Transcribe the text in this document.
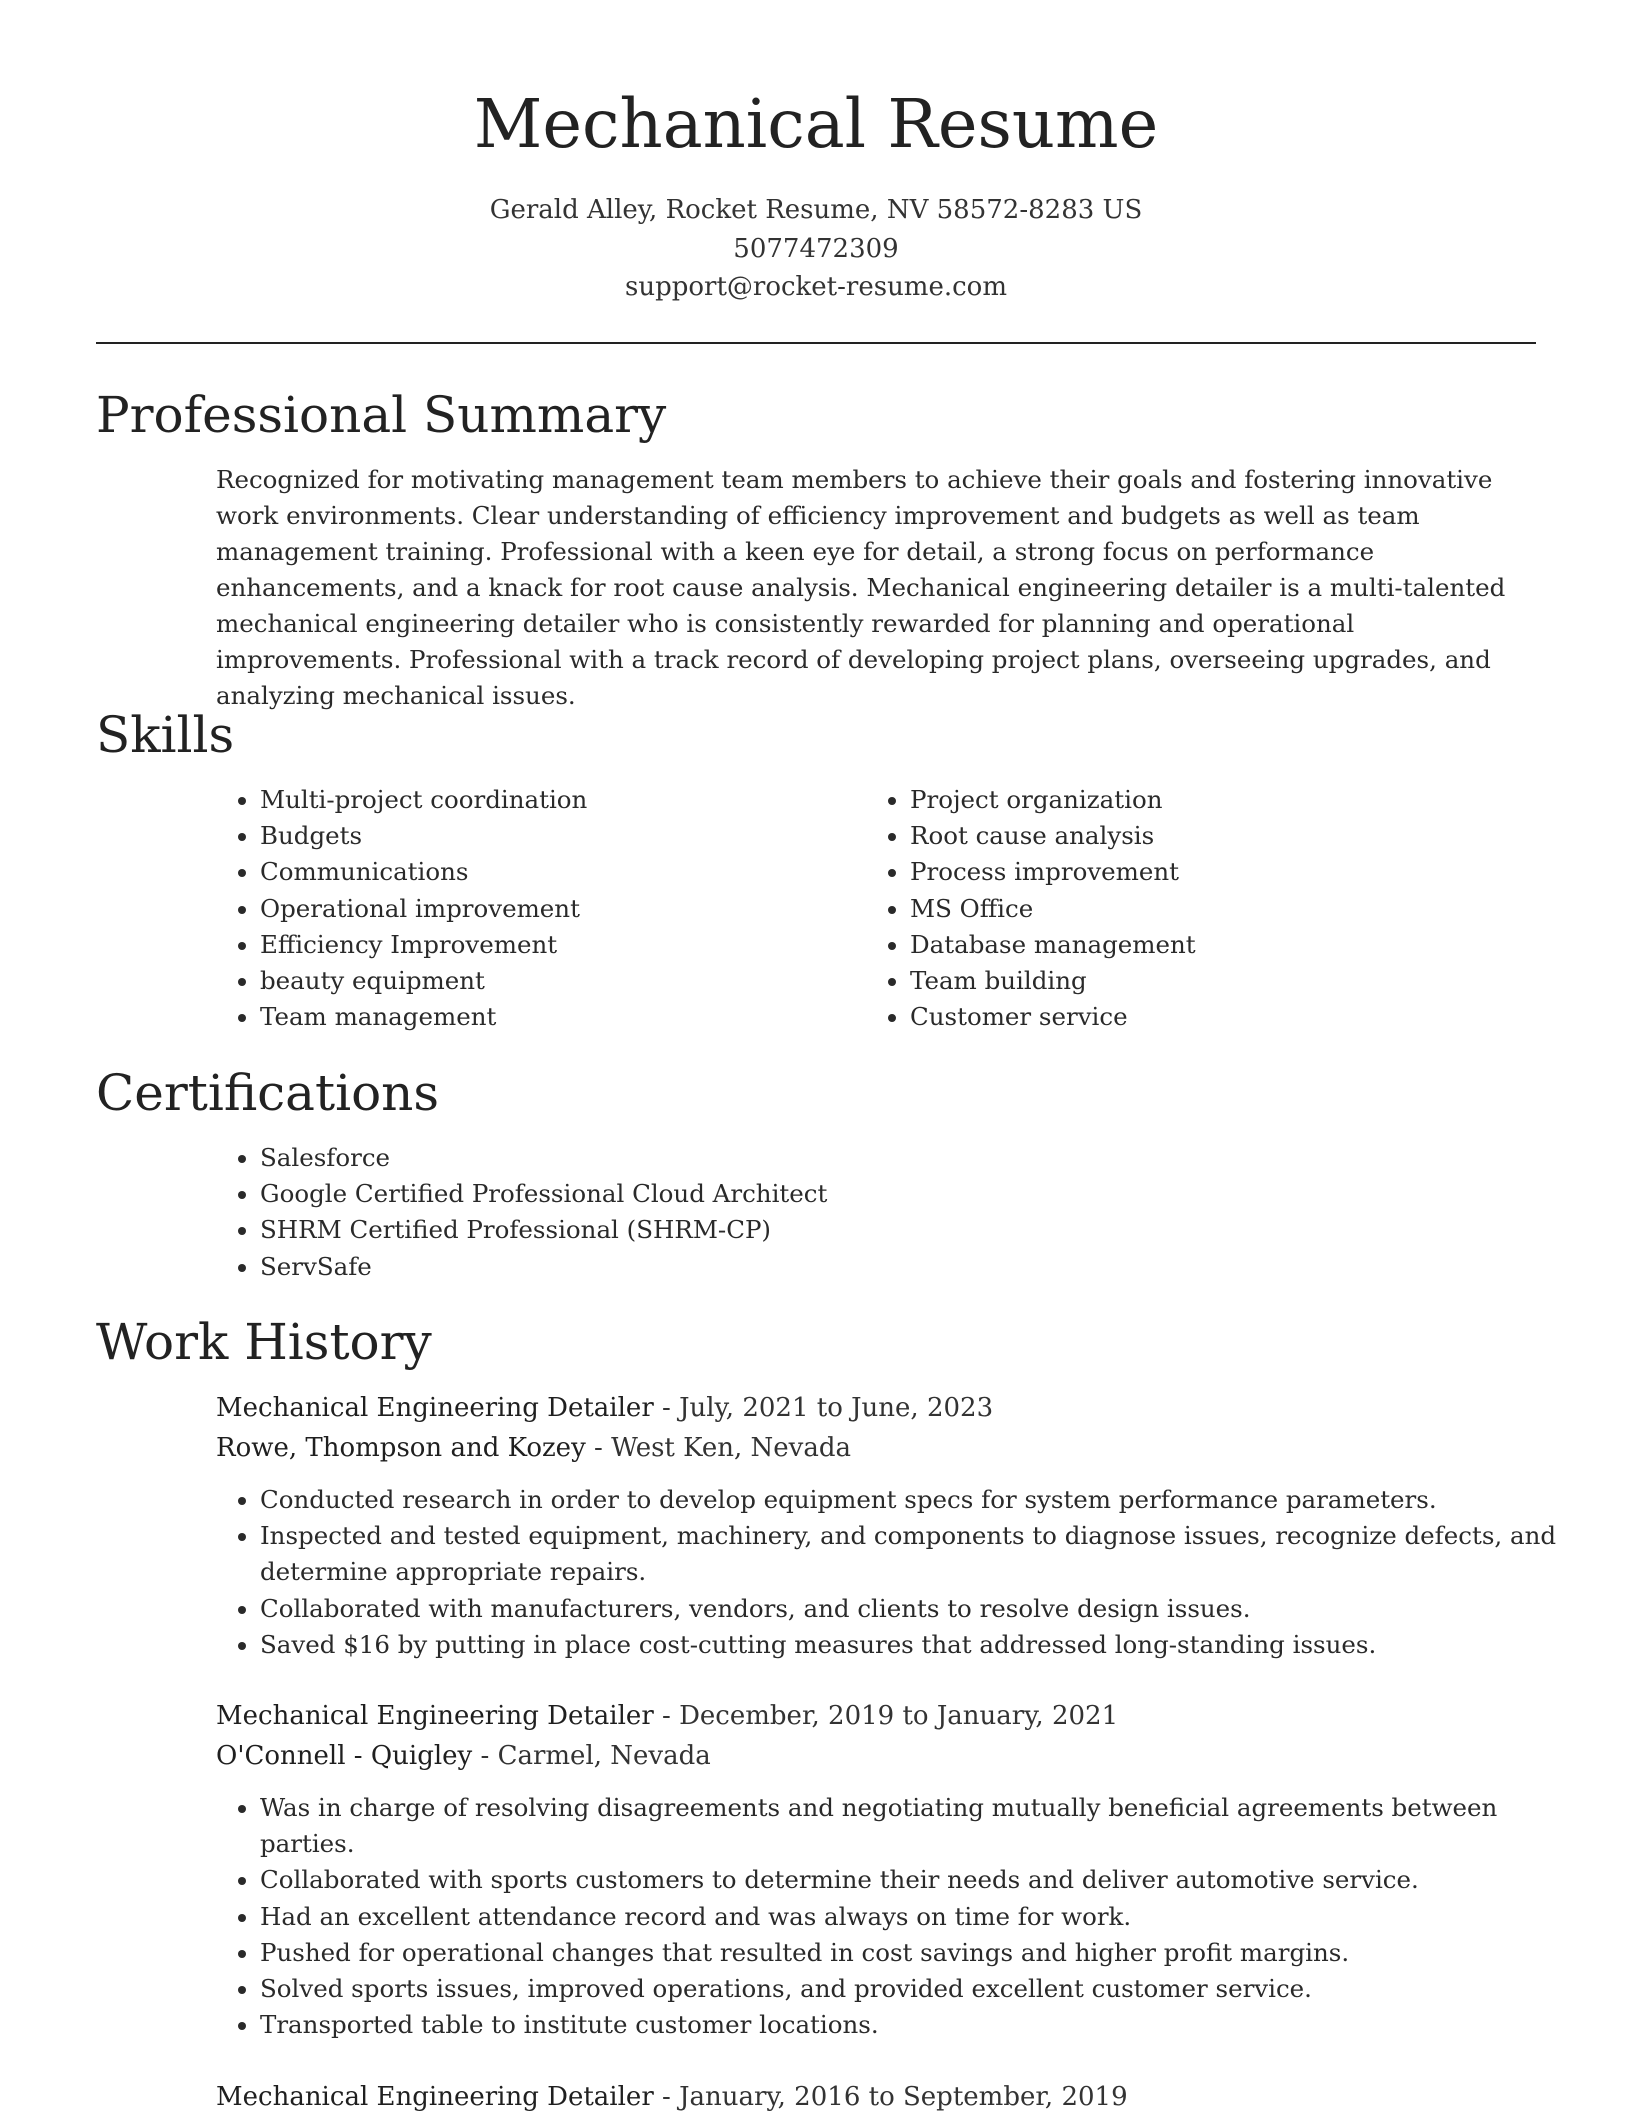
Mechanical Resume
Gerald Alley, Rocket Resume, NV 58572-8283 US
5077472309
support@rocket-resume.com
Professional Summary

Recognized for motivating management team members to achieve their goals and fostering innovative work environments. Clear understanding of efficiency improvement and budgets as well as team management training. Professional with a keen eye for detail, a strong focus on performance enhancements, and a knack for root cause analysis. Mechanical engineering detailer is a multi-talented mechanical engineering detailer who is consistently rewarded for planning and operational improvements. Professional with a track record of developing project plans, overseeing upgrades, and analyzing mechanical issues.

Skills
• Multi-project coordination
• Budgets
• Communications
• Operational improvement
• Efficiency Improvement
• beauty equipment
• Team management
• Project organization
• Root cause analysis
• Process improvement
• MS Office
• Database management
• Team building
• Customer service
Certifications
• Salesforce
• Google Certified Professional Cloud Architect
• SHRM Certified Professional (SHRM-CP)
• ServSafe
Work History
Mechanical Engineering Detailer - July, 2021 to June, 2023
Rowe, Thompson and Kozey - West Ken, Nevada
• Conducted research in order to develop equipment specs for system performance parameters.
• Inspected and tested equipment, machinery, and components to diagnose issues, recognize defects, and determine appropriate repairs.
• Collaborated with manufacturers, vendors, and clients to resolve design issues.
• Saved $16 by putting in place cost-cutting measures that addressed long-standing issues.
Mechanical Engineering Detailer - December, 2019 to January, 2021
O'Connell - Quigley - Carmel, Nevada
• Was in charge of resolving disagreements and negotiating mutually beneficial agreements between parties.
• Collaborated with sports customers to determine their needs and deliver automotive service.
• Had an excellent attendance record and was always on time for work.
• Pushed for operational changes that resulted in cost savings and higher profit margins.
• Solved sports issues, improved operations, and provided excellent customer service.
• Transported table to institute customer locations.
Mechanical Engineering Detailer - January, 2016 to September, 2019
